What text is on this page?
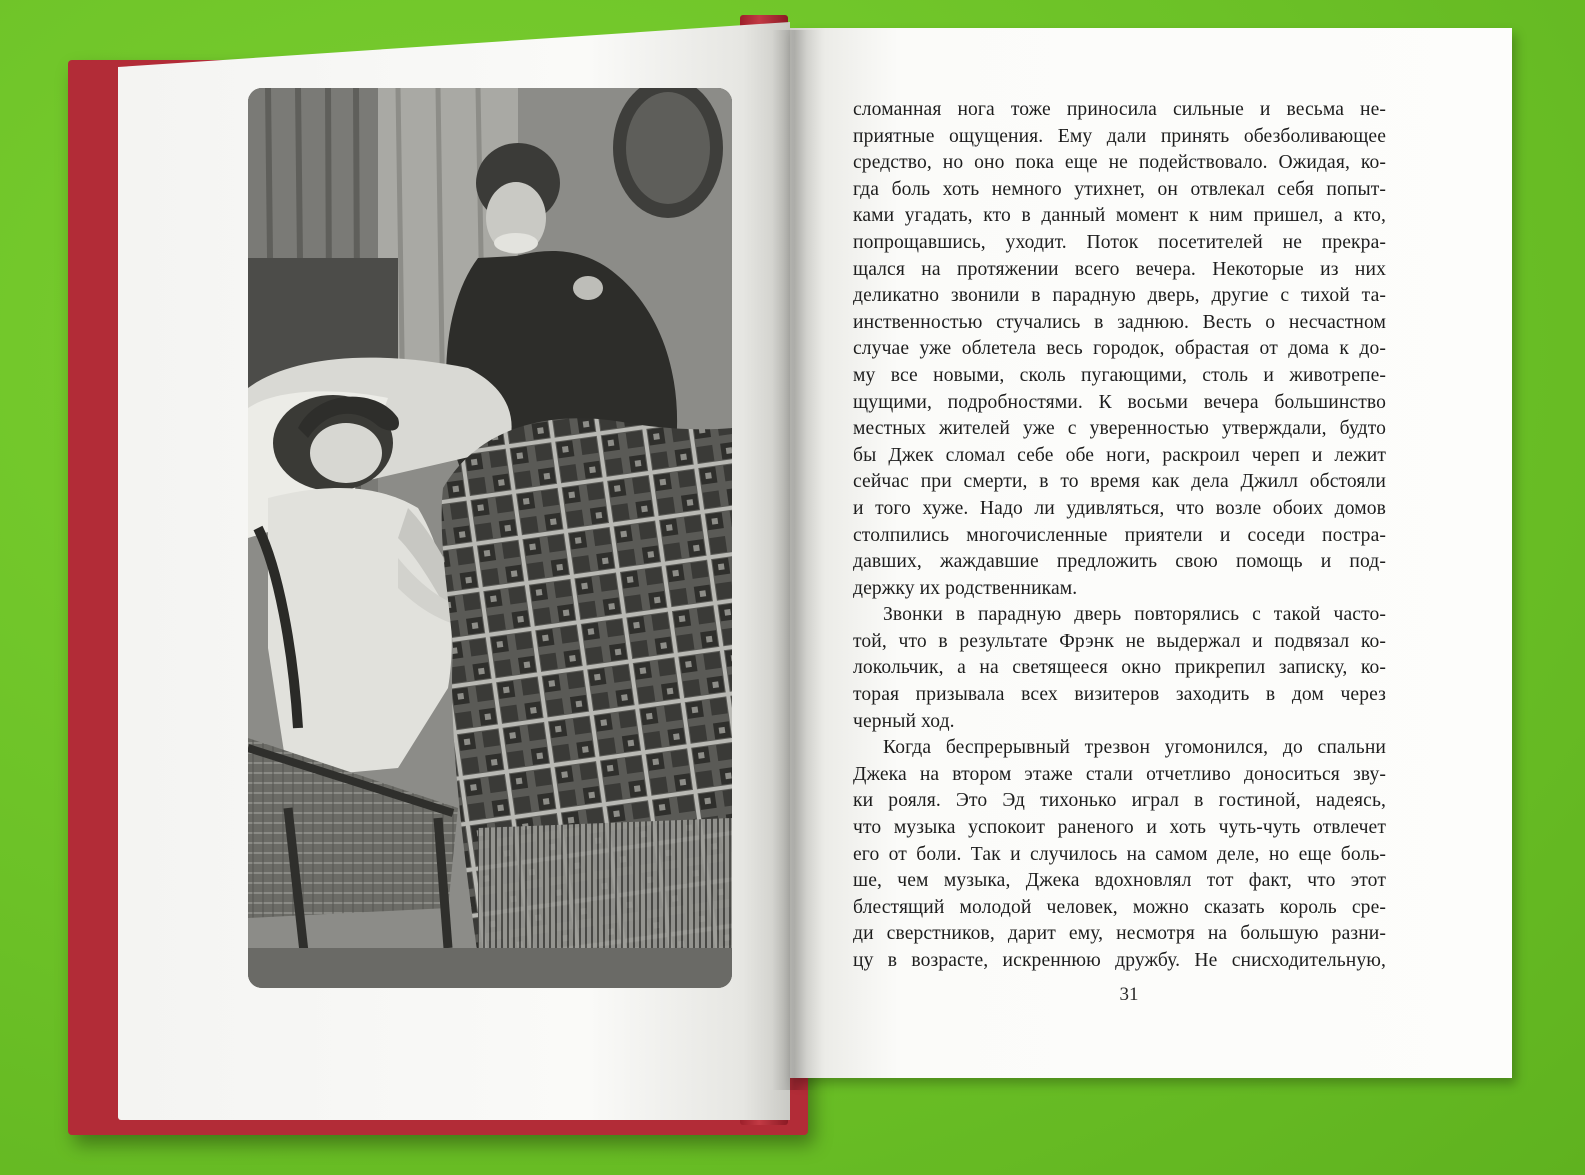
сломанная нога тоже приносила сильные и весьма не-
приятные ощущения. Ему дали принять обезболивающее
средство, но оно пока еще не подействовало. Ожидая, ко-
гда боль хоть немного утихнет, он отвлекал себя попыт-
ками угадать, кто в данный момент к ним пришел, а кто,
попрощавшись, уходит. Поток посетителей не прекра-
щался на протяжении всего вечера. Некоторые из них
деликатно звонили в парадную дверь, другие с тихой та-
инственностью стучались в заднюю. Весть о несчастном
случае уже облетела весь городок, обрастая от дома к до-
му все новыми, сколь пугающими, столь и животрепе-
щущими, подробностями. К восьми вечера большинство
местных жителей уже с уверенностью утверждали, будто
бы Джек сломал себе обе ноги, раскроил череп и лежит
сейчас при смерти, в то время как дела Джилл обстояли
и того хуже. Надо ли удивляться, что возле обоих домов
столпились многочисленные приятели и соседи постра-
давших, жаждавшие предложить свою помощь и под-
держку их родственникам.
Звонки в парадную дверь повторялись с такой часто-
той, что в результате Фрэнк не выдержал и подвязал ко-
локольчик, а на светящееся окно прикрепил записку, ко-
торая призывала всех визитеров заходить в дом через
черный ход.
Когда беспрерывный трезвон угомонился, до спальни
Джека на втором этаже стали отчетливо доноситься зву-
ки рояля. Это Эд тихонько играл в гостиной, надеясь,
что музыка успокоит раненого и хоть чуть-чуть отвлечет
его от боли. Так и случилось на самом деле, но еще боль-
ше, чем музыка, Джека вдохновлял тот факт, что этот
блестящий молодой человек, можно сказать король сре-
ди сверстников, дарит ему, несмотря на большую разни-
цу в возрасте, искреннюю дружбу. Не снисходительную,
31
